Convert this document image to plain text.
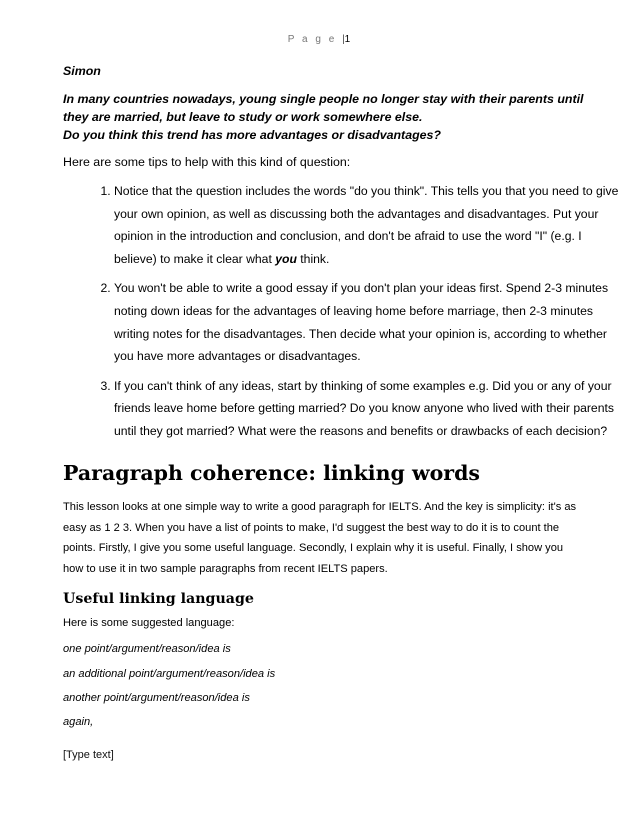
P a g e |1

Simon

In many countries nowadays, young single people no longer stay with their parents until

they are married, but leave to study or work somewhere else.

Do you think this trend has more advantages or disadvantages?

Here are some tips to help with this kind of question:

1. Notice that the question includes the words "do you think". This tells you that you need to give your own opinion, as well as discussing both the advantages and disadvantages. Put your opinion in the introduction and conclusion, and don't be afraid to use the word "I" (e.g. I believe) to make it clear what you think.
2. You won't be able to write a good essay if you don't plan your ideas first. Spend 2-3 minutes noting down ideas for the advantages of leaving home before marriage, then 2-3 minutes writing notes for the disadvantages. Then decide what your opinion is, according to whether you have more advantages or disadvantages.
3. If you can't think of any ideas, start by thinking of some examples e.g. Did you or any of your friends leave home before getting married? Do you know anyone who lived with their parents until they got married? What were the reasons and benefits or drawbacks of each decision?
Paragraph coherence: linking words

This lesson looks at one simple way to write a good paragraph for IELTS. And the key is simplicity: it's as easy as 1 2 3. When you have a list of points to make, I'd suggest the best way to do it is to count the points. Firstly, I give you some useful language. Secondly, I explain why it is useful. Finally, I show you how to use it in two sample paragraphs from recent IELTS papers.

Useful linking language

Here is some suggested language:

one point/argument/reason/idea is

an additional point/argument/reason/idea is

another point/argument/reason/idea is

again,

[Type text]
